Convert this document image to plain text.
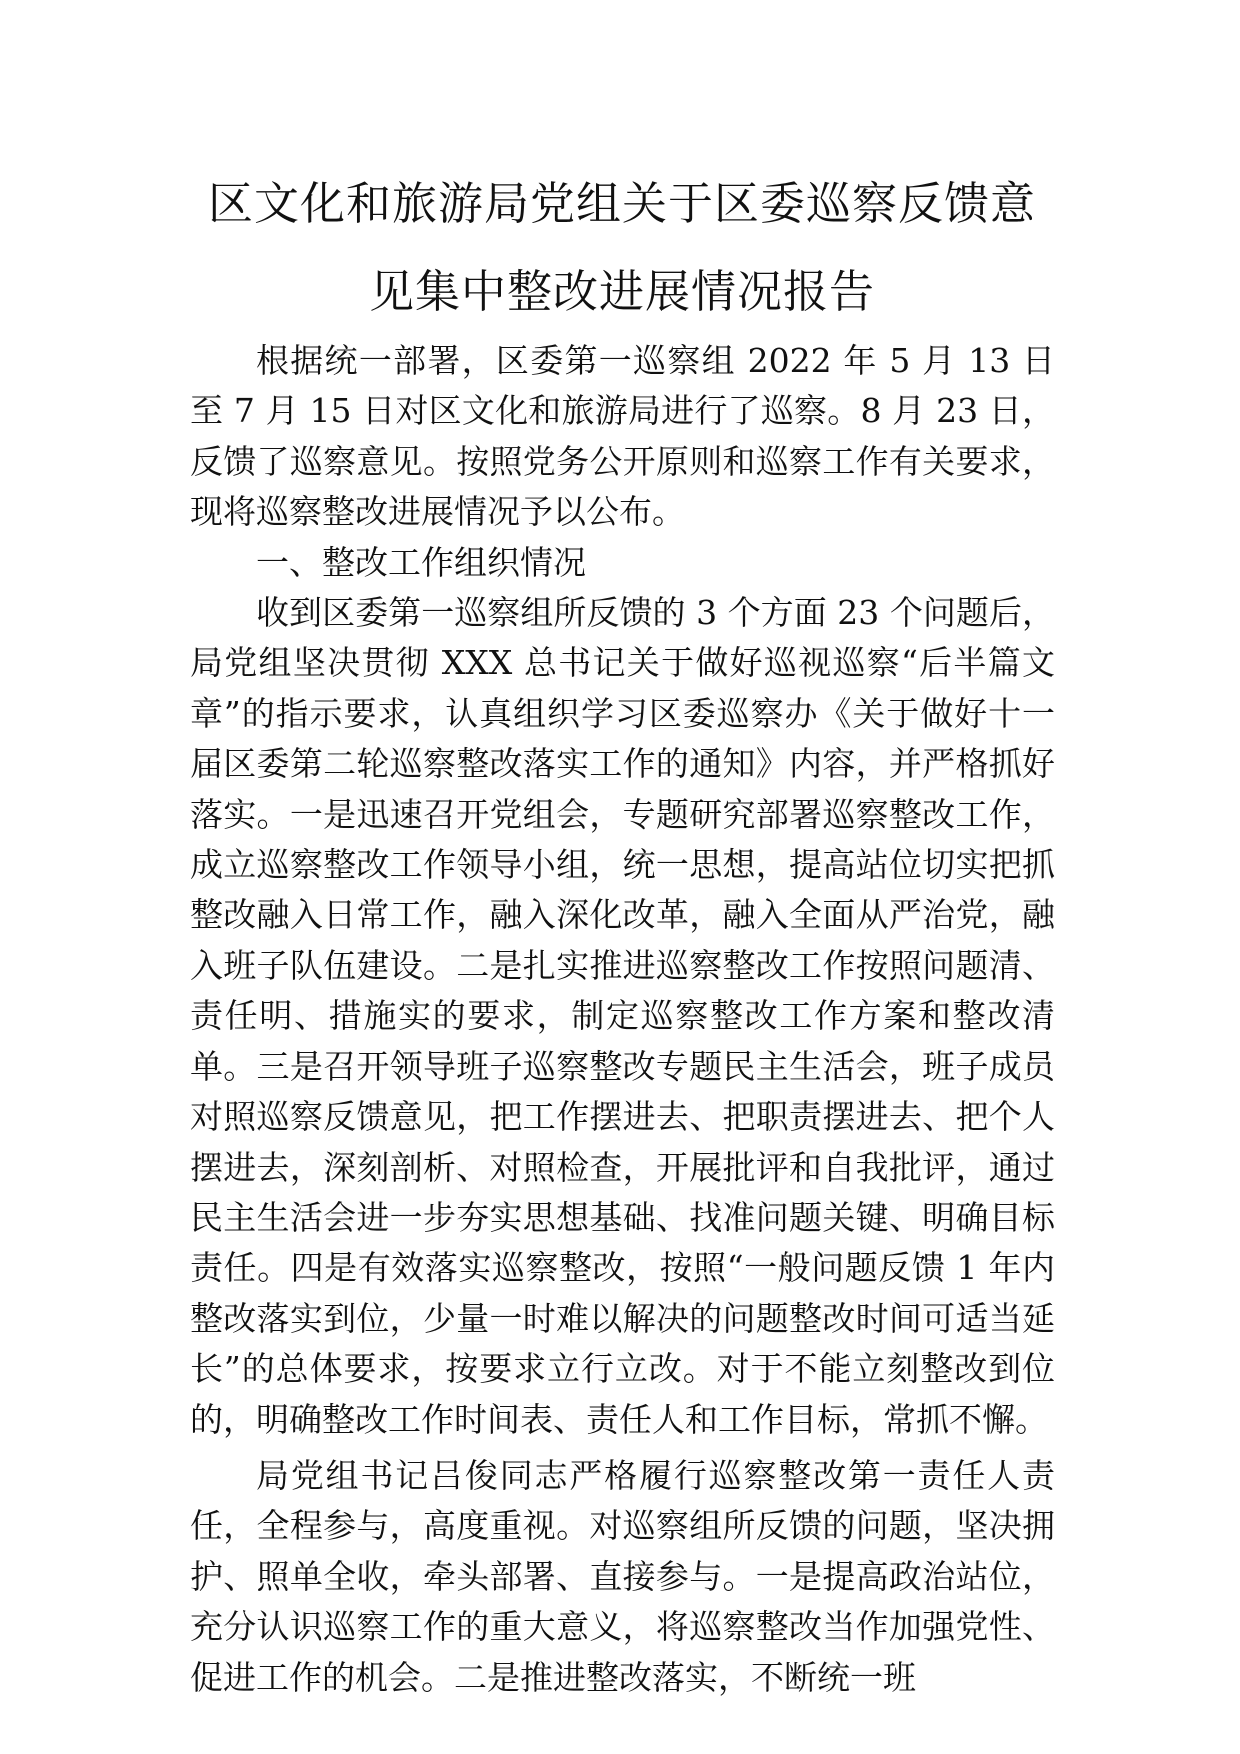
区文化和旅游局党组关于区委巡察反馈意
见集中整改进展情况报告

根据统一部署，区委第一巡察组 2022 年 5 月 13 日至 7 月 15 日对区文化和旅游局进行了巡察。8 月 23 日，反馈了巡察意见。按照党务公开原则和巡察工作有关要求，现将巡察整改进展情况予以公布。

一、整改工作组织情况

收到区委第一巡察组所反馈的 3 个方面 23 个问题后，局党组坚决贯彻 XXX 总书记关于做好巡视巡察“后半篇文章”的指示要求，认真组织学习区委巡察办《关于做好十一届区委第二轮巡察整改落实工作的通知》内容，并严格抓好落实。一是迅速召开党组会，专题研究部署巡察整改工作，成立巡察整改工作领导小组，统一思想，提高站位切实把抓整改融入日常工作，融入深化改革，融入全面从严治党，融入班子队伍建设。二是扎实推进巡察整改工作按照问题清、责任明、措施实的要求，制定巡察整改工作方案和整改清单。三是召开领导班子巡察整改专题民主生活会，班子成员对照巡察反馈意见，把工作摆进去、把职责摆进去、把个人摆进去，深刻剖析、对照检查，开展批评和自我批评，通过民主生活会进一步夯实思想基础、找准问题关键、明确目标责任。四是有效落实巡察整改，按照“一般问题反馈 1 年内整改落实到位，少量一时难以解决的问题整改时间可适当延长”的总体要求，按要求立行立改。对于不能立刻整改到位的，明确整改工作时间表、责任人和工作目标，常抓不懈。

局党组书记吕俊同志严格履行巡察整改第一责任人责任，全程参与，高度重视。对巡察组所反馈的问题，坚决拥护、照单全收，牵头部署、直接参与。一是提高政治站位，充分认识巡察工作的重大意义，将巡察整改当作加强党性、促进工作的机会。二是推进整改落实，不断统一班
